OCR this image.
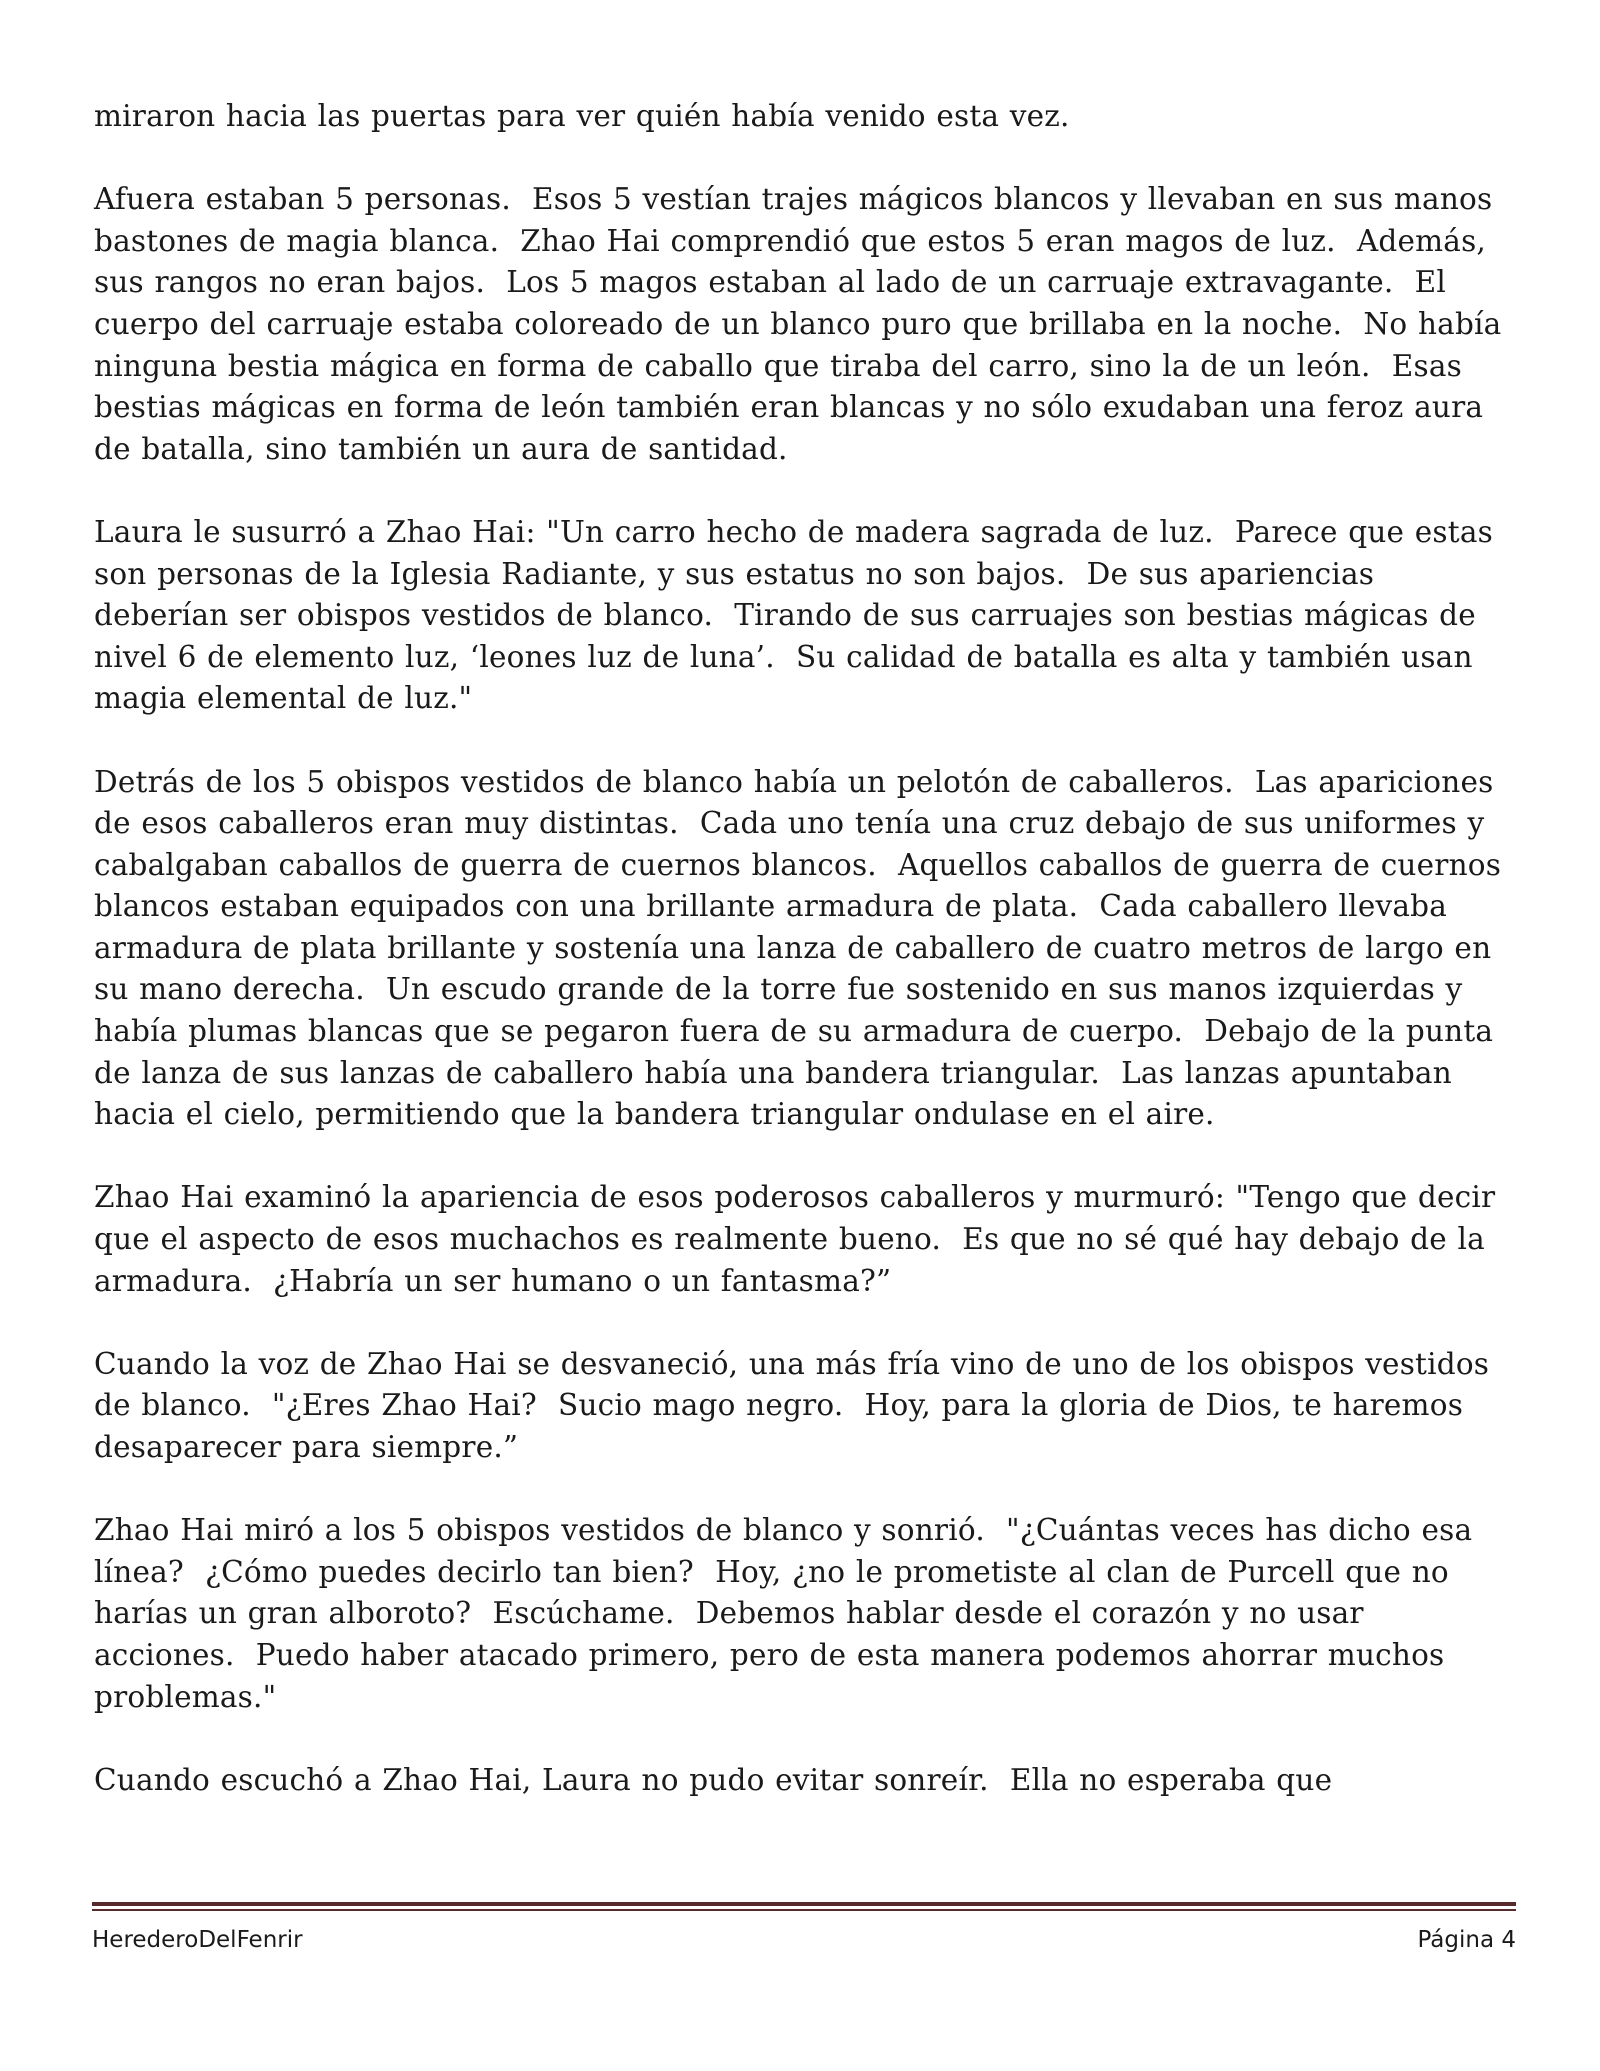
miraron hacia las puertas para ver quién había venido esta vez.

Afuera estaban 5 personas.  Esos 5 vestían trajes mágicos blancos y llevaban en sus manos bastones de magia blanca.  Zhao Hai comprendió que estos 5 eran magos de luz.  Además, sus rangos no eran bajos.  Los 5 magos estaban al lado de un carruaje extravagante.  El cuerpo del carruaje estaba coloreado de un blanco puro que brillaba en la noche.  No había ninguna bestia mágica en forma de caballo que tiraba del carro, sino la de un león.  Esas bestias mágicas en forma de león también eran blancas y no sólo exudaban una feroz aura de batalla, sino también un aura de santidad.

Laura le susurró a Zhao Hai: "Un carro hecho de madera sagrada de luz.  Parece que estas son personas de la Iglesia Radiante, y sus estatus no son bajos.  De sus apariencias deberían ser obispos vestidos de blanco.  Tirando de sus carruajes son bestias mágicas de nivel 6 de elemento luz, ‘leones luz de luna’.  Su calidad de batalla es alta y también usan magia elemental de luz."

Detrás de los 5 obispos vestidos de blanco había un pelotón de caballeros.  Las apariciones de esos caballeros eran muy distintas.  Cada uno tenía una cruz debajo de sus uniformes y cabalgaban caballos de guerra de cuernos blancos.  Aquellos caballos de guerra de cuernos blancos estaban equipados con una brillante armadura de plata.  Cada caballero llevaba armadura de plata brillante y sostenía una lanza de caballero de cuatro metros de largo en su mano derecha.  Un escudo grande de la torre fue sostenido en sus manos izquierdas y había plumas blancas que se pegaron fuera de su armadura de cuerpo.  Debajo de la punta de lanza de sus lanzas de caballero había una bandera triangular.  Las lanzas apuntaban hacia el cielo, permitiendo que la bandera triangular ondulase en el aire.

Zhao Hai examinó la apariencia de esos poderosos caballeros y murmuró: "Tengo que decir que el aspecto de esos muchachos es realmente bueno.  Es que no sé qué hay debajo de la armadura.  ¿Habría un ser humano o un fantasma?”

Cuando la voz de Zhao Hai se desvaneció, una más fría vino de uno de los obispos vestidos de blanco.  "¿Eres Zhao Hai?  Sucio mago negro.  Hoy, para la gloria de Dios, te haremos desaparecer para siempre.”

Zhao Hai miró a los 5 obispos vestidos de blanco y sonrió.  "¿Cuántas veces has dicho esa línea?  ¿Cómo puedes decirlo tan bien?  Hoy, ¿no le prometiste al clan de Purcell que no harías un gran alboroto?  Escúchame.  Debemos hablar desde el corazón y no usar acciones.  Puedo haber atacado primero, pero de esta manera podemos ahorrar muchos problemas."

Cuando escuchó a Zhao Hai, Laura no pudo evitar sonreír.  Ella no esperaba que

HerederoDelFenrir	Página 4
